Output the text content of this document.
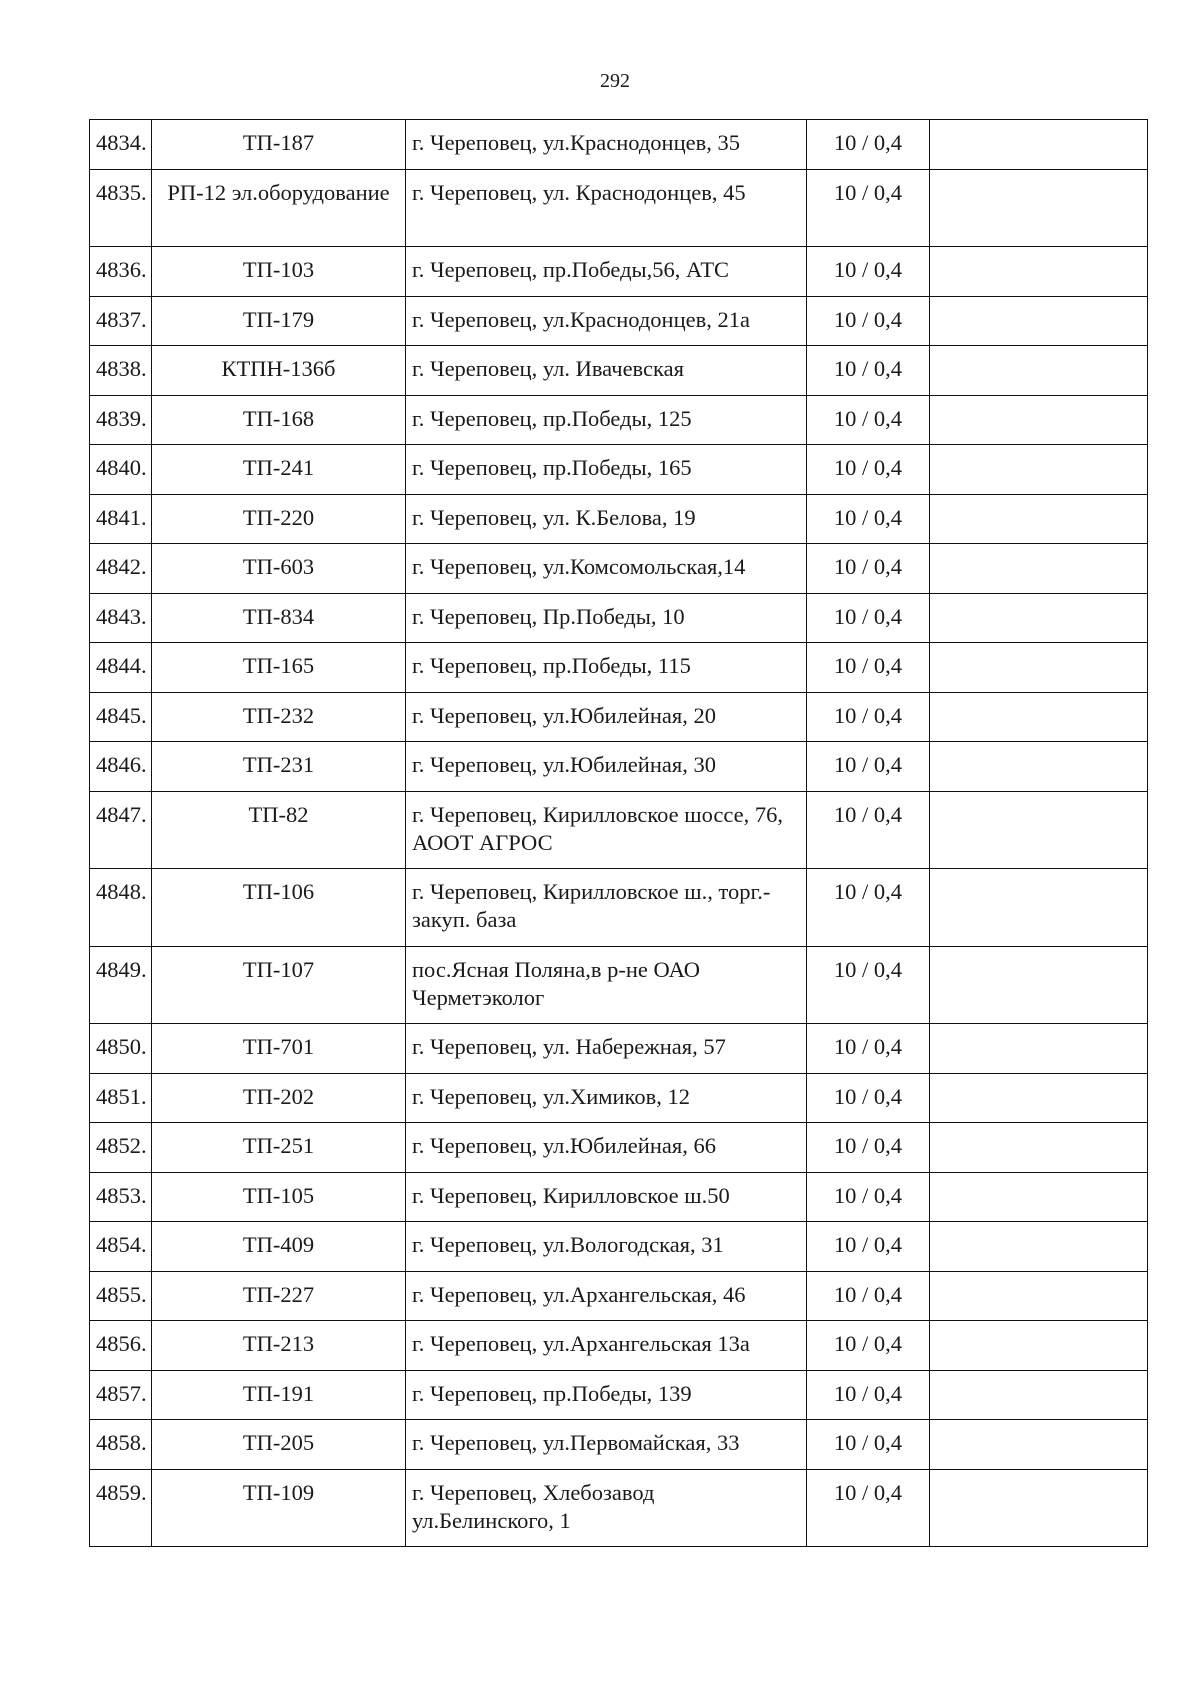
292
4834.	ТП-187	г. Череповец, ул.Краснодонцев, 35	10 / 0,4	
4835.	РП-12 эл.оборудование	г. Череповец, ул. Краснодонцев, 45	10 / 0,4	
4836.	ТП-103	г. Череповец, пр.Победы,56, АТС	10 / 0,4	
4837.	ТП-179	г. Череповец, ул.Краснодонцев, 21а	10 / 0,4	
4838.	КТПН-136б	г. Череповец, ул. Ивачевская	10 / 0,4	
4839.	ТП-168	г. Череповец, пр.Победы, 125	10 / 0,4	
4840.	ТП-241	г. Череповец, пр.Победы, 165	10 / 0,4	
4841.	ТП-220	г. Череповец, ул. К.Белова, 19	10 / 0,4	
4842.	ТП-603	г. Череповец, ул.Комсомольская,14	10 / 0,4	
4843.	ТП-834	г. Череповец, Пр.Победы, 10	10 / 0,4	
4844.	ТП-165	г. Череповец, пр.Победы, 115	10 / 0,4	
4845.	ТП-232	г. Череповец, ул.Юбилейная, 20	10 / 0,4	
4846.	ТП-231	г. Череповец, ул.Юбилейная, 30	10 / 0,4	
4847.	ТП-82	г. Череповец, Кирилловское шоссе, 76, АООТ АГРОС	10 / 0,4	
4848.	ТП-106	г. Череповец, Кирилловское ш., торг.-закуп. база	10 / 0,4	
4849.	ТП-107	пос.Ясная Поляна,в р-не ОАО Черметэколог	10 / 0,4	
4850.	ТП-701	г. Череповец, ул. Набережная, 57	10 / 0,4	
4851.	ТП-202	г. Череповец, ул.Химиков, 12	10 / 0,4	
4852.	ТП-251	г. Череповец, ул.Юбилейная, 66	10 / 0,4	
4853.	ТП-105	г. Череповец, Кирилловское ш.50	10 / 0,4	
4854.	ТП-409	г. Череповец, ул.Вологодская, 31	10 / 0,4	
4855.	ТП-227	г. Череповец, ул.Архангельская, 46	10 / 0,4	
4856.	ТП-213	г. Череповец, ул.Архангельская 13а	10 / 0,4	
4857.	ТП-191	г. Череповец, пр.Победы, 139	10 / 0,4	
4858.	ТП-205	г. Череповец, ул.Первомайская, 33	10 / 0,4	
4859.	ТП-109	г. Череповец, Хлебозавод ул.Белинского, 1	10 / 0,4	
